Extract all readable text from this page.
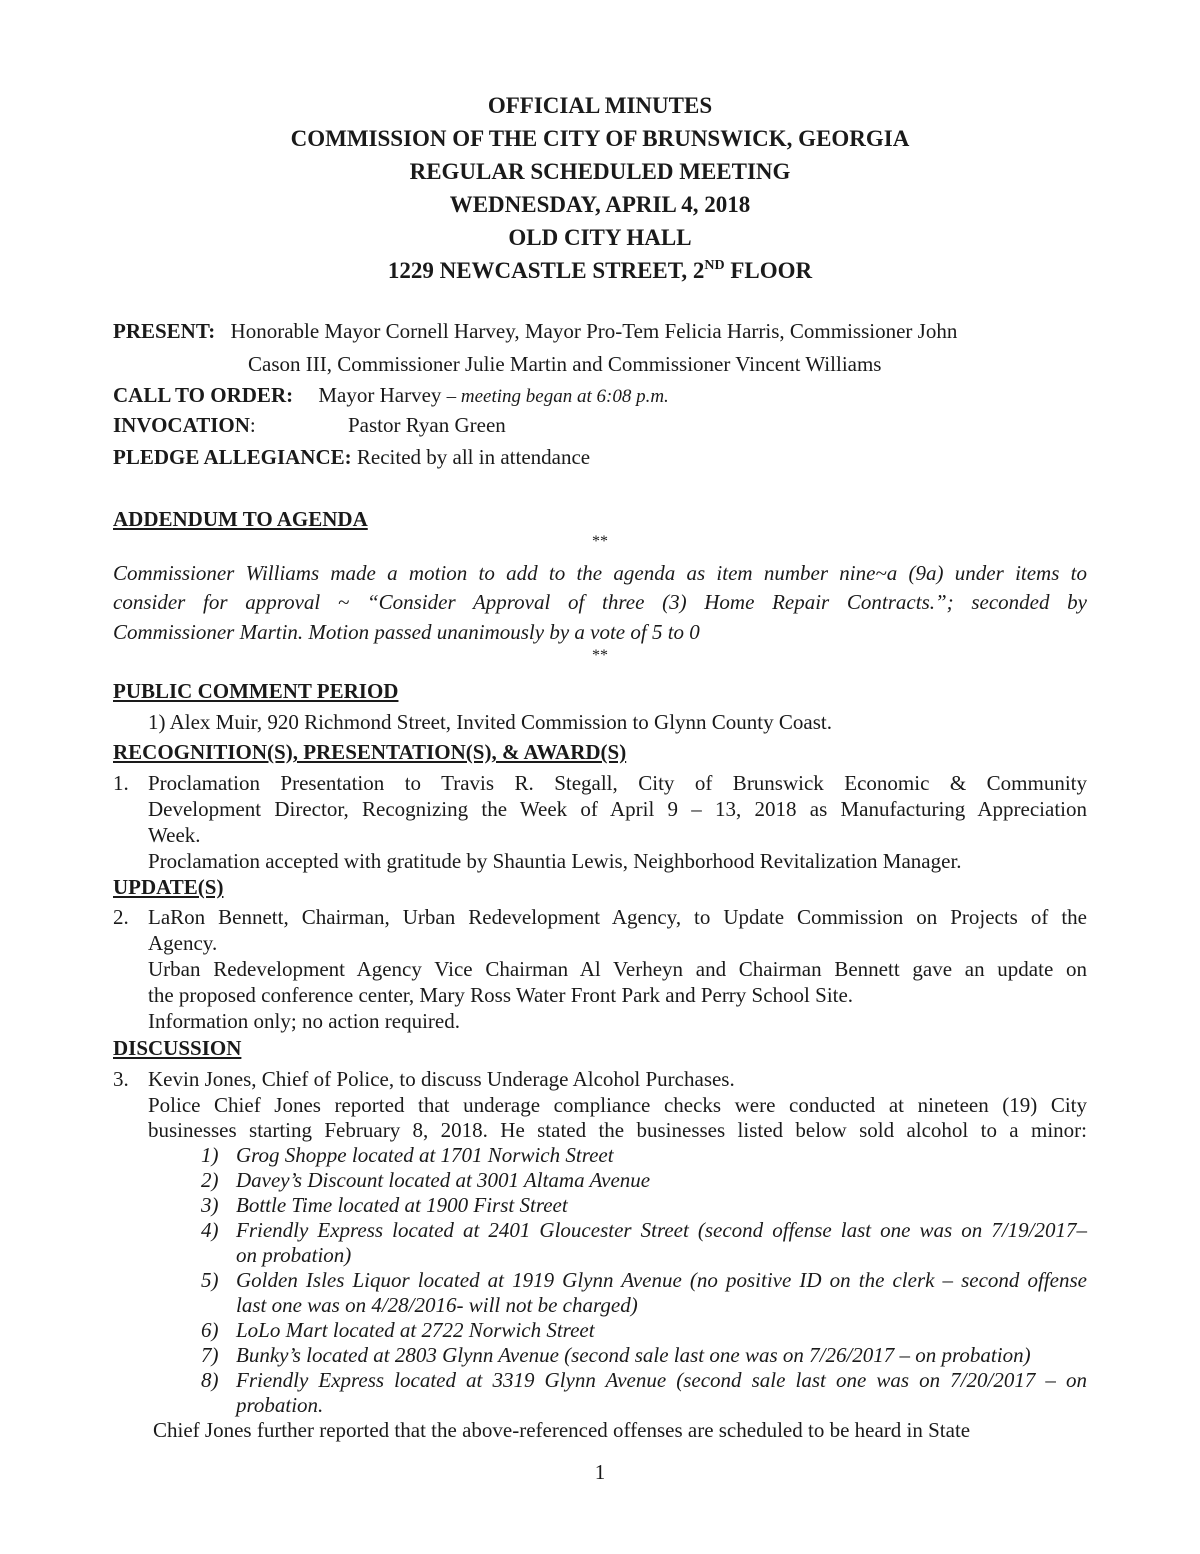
OFFICIAL MINUTES
COMMISSION OF THE CITY OF BRUNSWICK, GEORGIA
REGULAR SCHEDULED MEETING
WEDNESDAY, APRIL 4, 2018
OLD CITY HALL
1229 NEWCASTLE STREET, 2ND FLOOR
PRESENT: Honorable Mayor Cornell Harvey, Mayor Pro-Tem Felicia Harris, Commissioner John
Cason III, Commissioner Julie Martin and Commissioner Vincent Williams
CALL TO ORDER: Mayor Harvey – meeting began at 6:08 p.m.
INVOCATION:	Pastor Ryan Green
PLEDGE ALLEGIANCE: Recited by all in attendance
ADDENDUM TO AGENDA
**
Commissioner Williams made a motion to add to the agenda as item number nine~a (9a) under items to
consider for approval ~ “Consider Approval of three (3) Home Repair Contracts.”; seconded by
Commissioner Martin. Motion passed unanimously by a vote of 5 to 0
**
PUBLIC COMMENT PERIOD
1) Alex Muir, 920 Richmond Street, Invited Commission to Glynn County Coast.
RECOGNITION(S), PRESENTATION(S), & AWARD(S)
1. Proclamation Presentation to Travis R. Stegall, City of Brunswick Economic & Community
Development Director, Recognizing the Week of April 9 – 13, 2018 as Manufacturing Appreciation
Week.
Proclamation accepted with gratitude by Shauntia Lewis, Neighborhood Revitalization Manager.
UPDATE(S)
2. LaRon Bennett, Chairman, Urban Redevelopment Agency, to Update Commission on Projects of the
Agency.
Urban Redevelopment Agency Vice Chairman Al Verheyn and Chairman Bennett gave an update on
the proposed conference center, Mary Ross Water Front Park and Perry School Site.
Information only; no action required.
DISCUSSION
3. Kevin Jones, Chief of Police, to discuss Underage Alcohol Purchases.
Police Chief Jones reported that underage compliance checks were conducted at nineteen (19) City
businesses starting February 8, 2018. He stated the businesses listed below sold alcohol to a minor:
1) Grog Shoppe located at 1701 Norwich Street
2) Davey’s Discount located at 3001 Altama Avenue
3) Bottle Time located at 1900 First Street
4) Friendly Express located at 2401 Gloucester Street (second offense last one was on 7/19/2017–
on probation)
5) Golden Isles Liquor located at 1919 Glynn Avenue (no positive ID on the clerk – second offense
last one was on 4/28/2016- will not be charged)
6) LoLo Mart located at 2722 Norwich Street
7) Bunky’s located at 2803 Glynn Avenue (second sale last one was on 7/26/2017 – on probation)
8) Friendly Express located at 3319 Glynn Avenue (second sale last one was on 7/20/2017 – on
probation.
Chief Jones further reported that the above-referenced offenses are scheduled to be heard in State
1
